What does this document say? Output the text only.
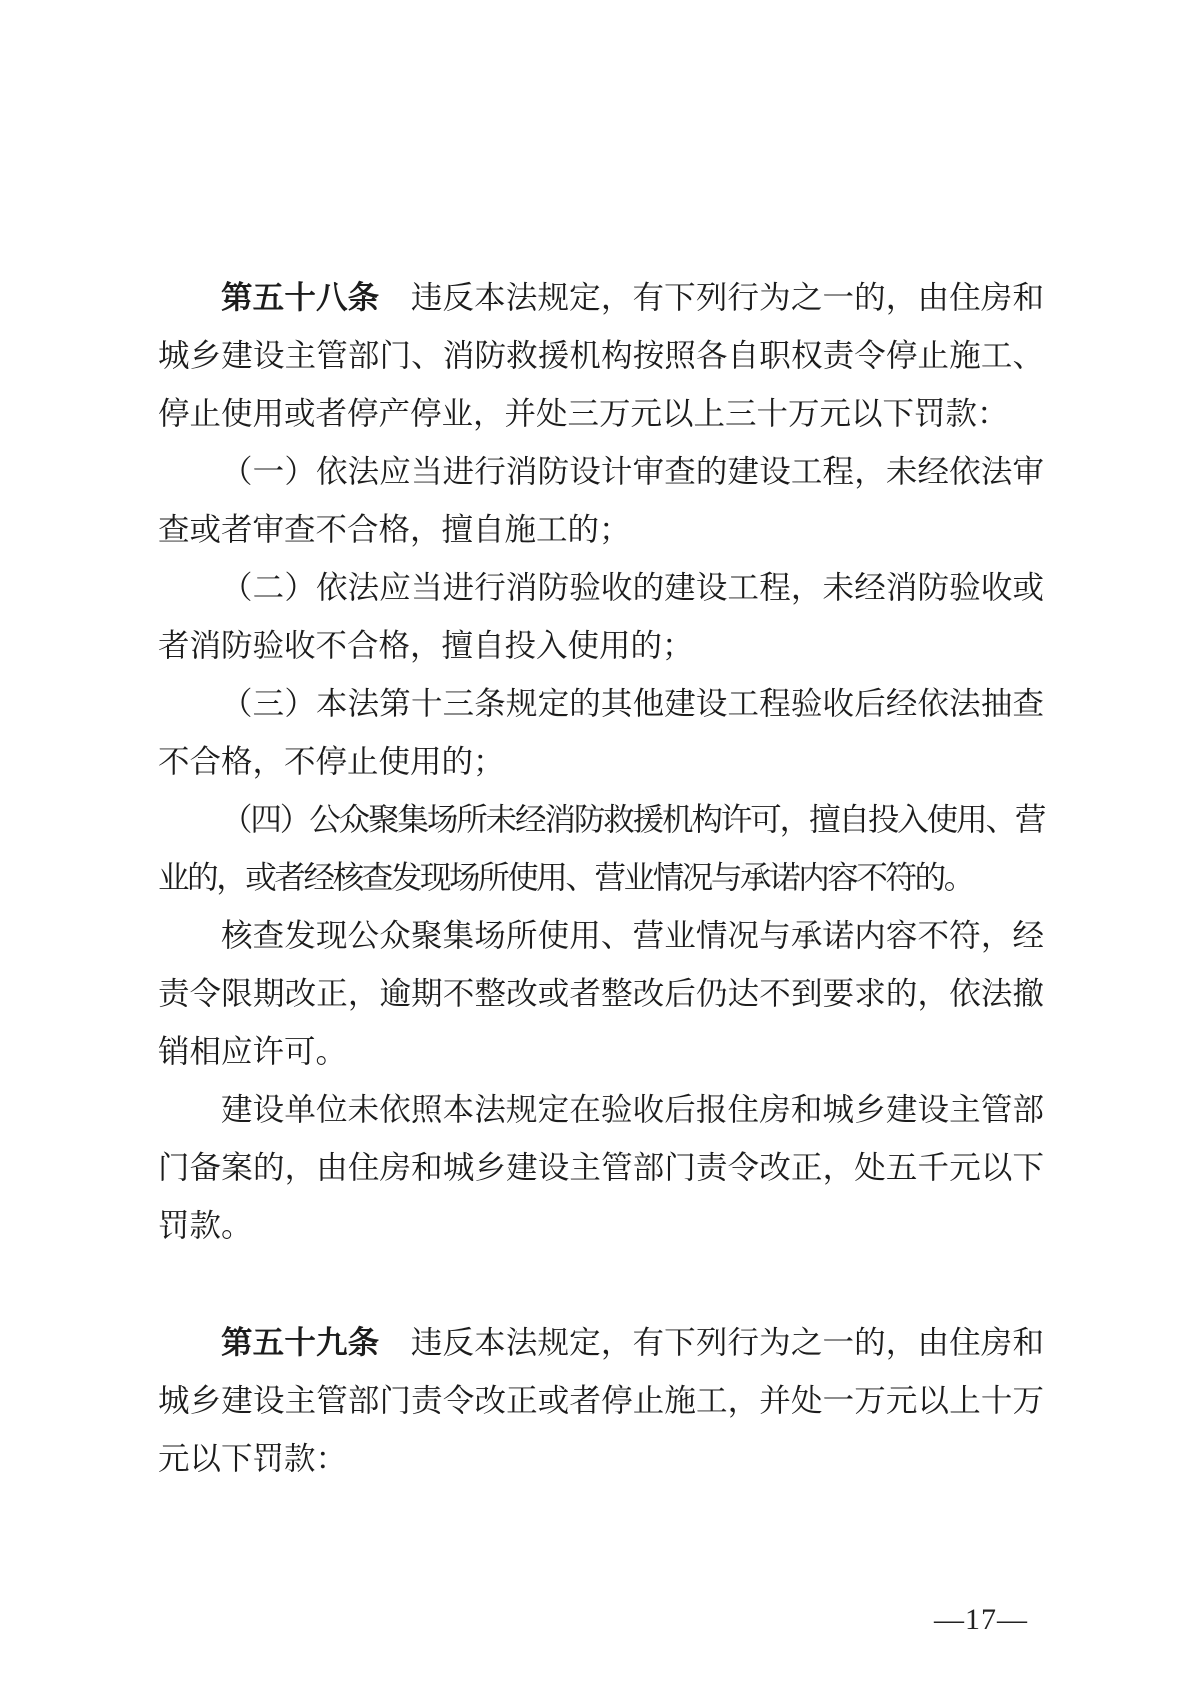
第五十八条 违反本法规定，有下列行为之一的，由住房和城乡建设主管部门、消防救援机构按照各自职权责令停止施工、停止使用或者停产停业，并处三万元以上三十万元以下罚款：

（一）依法应当进行消防设计审查的建设工程，未经依法审查或者审查不合格，擅自施工的；

（二）依法应当进行消防验收的建设工程，未经消防验收或者消防验收不合格，擅自投入使用的；

（三）本法第十三条规定的其他建设工程验收后经依法抽查不合格，不停止使用的；

（四）公众聚集场所未经消防救援机构许可，擅自投入使用、营业的，或者经核查发现场所使用、营业情况与承诺内容不符的。

核查发现公众聚集场所使用、营业情况与承诺内容不符，经责令限期改正，逾期不整改或者整改后仍达不到要求的，依法撤销相应许可。

建设单位未依照本法规定在验收后报住房和城乡建设主管部门备案的，由住房和城乡建设主管部门责令改正，处五千元以下罚款。

第五十九条 违反本法规定，有下列行为之一的，由住房和城乡建设主管部门责令改正或者停止施工，并处一万元以上十万元以下罚款：

—17—
